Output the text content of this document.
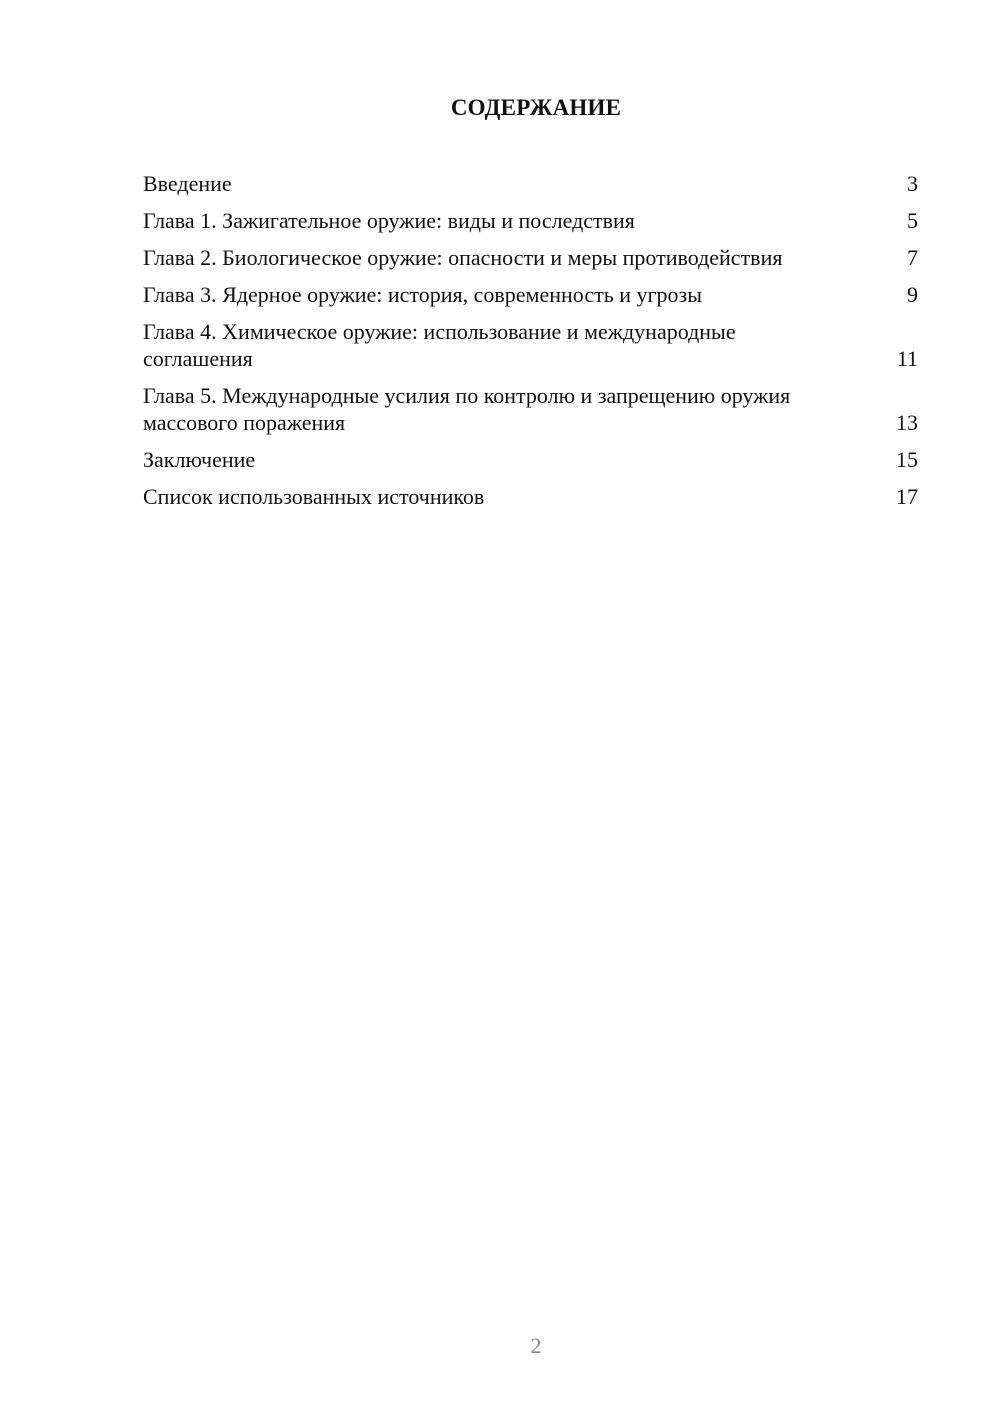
СОДЕРЖАНИЕ
Введение	3
Глава 1. Зажигательное оружие: виды и последствия	5
Глава 2. Биологическое оружие: опасности и меры противодействия	7
Глава 3. Ядерное оружие: история, современность и угрозы	9
Глава 4. Химическое оружие: использование и международные соглашения	11
Глава 5. Международные усилия по контролю и запрещению оружия массового поражения	13
Заключение	15
Список использованных источников	17
2
